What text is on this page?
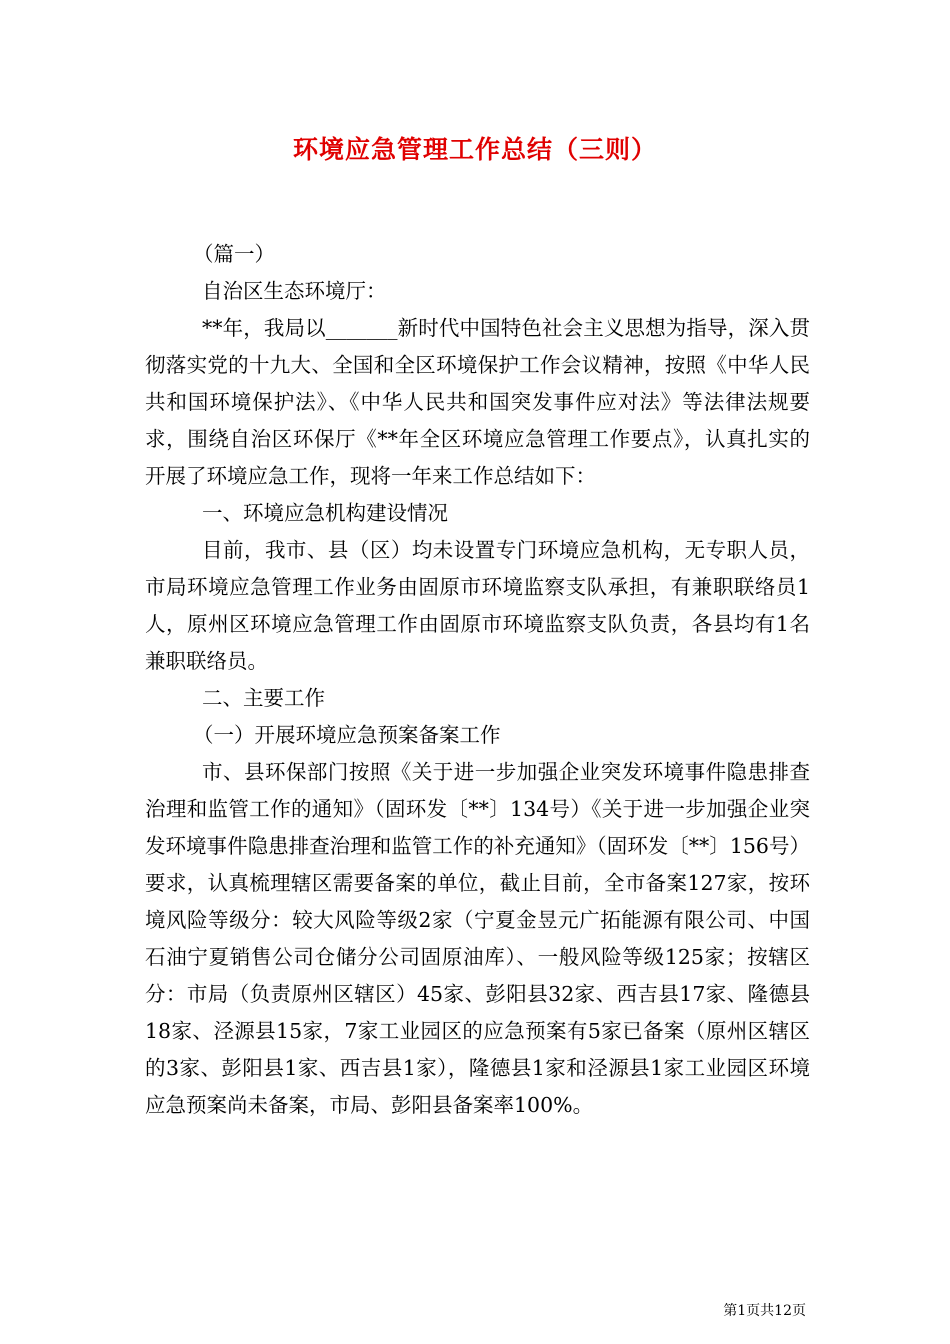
环境应急管理工作总结（三则）

（篇一）

自治区生态环境厅：

**年，我局以_______新时代中国特色社会主义思想为指导，深入贯彻落实党的十九大、全国和全区环境保护工作会议精神，按照《中华人民共和国环境保护法》、《中华人民共和国突发事件应对法》等法律法规要求，围绕自治区环保厅《**年全区环境应急管理工作要点》，认真扎实的开展了环境应急工作，现将一年来工作总结如下：

一、环境应急机构建设情况

目前，我市、县（区）均未设置专门环境应急机构，无专职人员，市局环境应急管理工作业务由固原市环境监察支队承担，有兼职联络员1人，原州区环境应急管理工作由固原市环境监察支队负责，各县均有1名兼职联络员。

二、主要工作

（一）开展环境应急预案备案工作

市、县环保部门按照《关于进一步加强企业突发环境事件隐患排查治理和监管工作的通知》（固环发〔**〕134号）《关于进一步加强企业突发环境事件隐患排查治理和监管工作的补充通知》（固环发〔**〕156号）要求，认真梳理辖区需要备案的单位，截止目前，全市备案127家，按环境风险等级分：较大风险等级2家（宁夏金昱元广拓能源有限公司、中国石油宁夏销售公司仓储分公司固原油库）、一般风险等级125家；按辖区分：市局（负责原州区辖区）45家、彭阳县32家、西吉县17家、隆德县18家、泾源县15家，7家工业园区的应急预案有5家已备案（原州区辖区的3家、彭阳县1家、西吉县1家），隆德县1家和泾源县1家工业园区环境应急预案尚未备案，市局、彭阳县备案率100%。

第1页共12页
